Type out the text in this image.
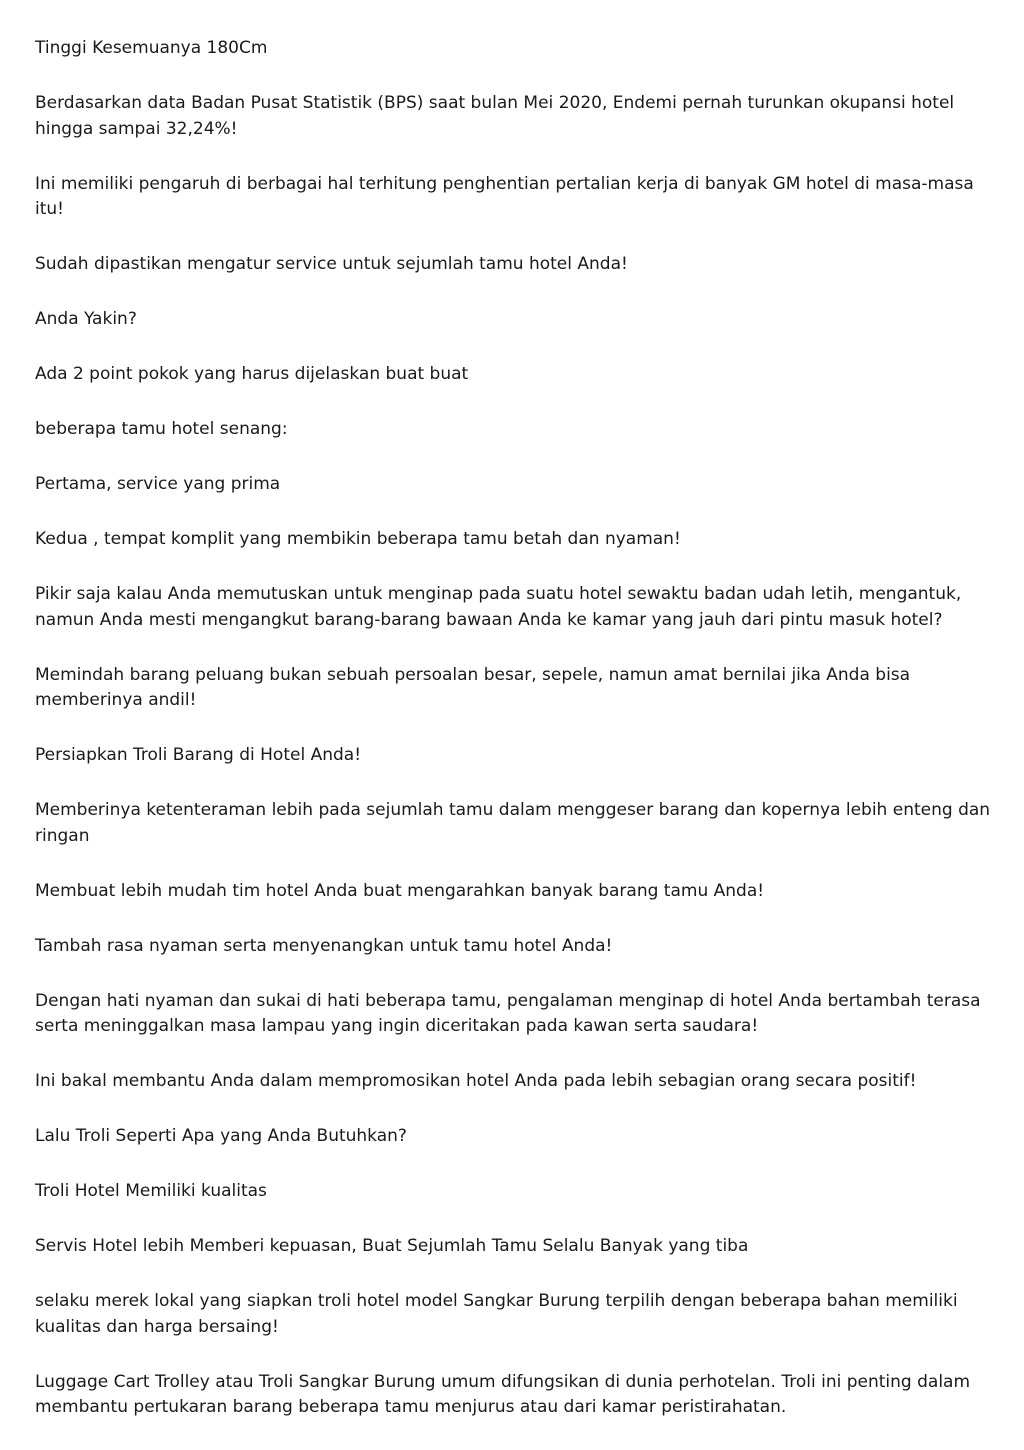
Tinggi Kesemuanya 180Cm

Berdasarkan data Badan Pusat Statistik (BPS) saat bulan Mei 2020, Endemi pernah turunkan okupansi hotel hingga sampai 32,24%!

Ini memiliki pengaruh di berbagai hal terhitung penghentian pertalian kerja di banyak GM hotel di masa-masa itu!

Sudah dipastikan mengatur service untuk sejumlah tamu hotel Anda!

Anda Yakin?

Ada 2 point pokok yang harus dijelaskan buat buat

beberapa tamu hotel senang:

Pertama, service yang prima

Kedua , tempat komplit yang membikin beberapa tamu betah dan nyaman!

Pikir saja kalau Anda memutuskan untuk menginap pada suatu hotel sewaktu badan udah letih, mengantuk, namun Anda mesti mengangkut barang-barang bawaan Anda ke kamar yang jauh dari pintu masuk hotel?

Memindah barang peluang bukan sebuah persoalan besar, sepele, namun amat bernilai jika Anda bisa memberinya andil!

Persiapkan Troli Barang di Hotel Anda!

Memberinya ketenteraman lebih pada sejumlah tamu dalam menggeser barang dan kopernya lebih enteng dan ringan

Membuat lebih mudah tim hotel Anda buat mengarahkan banyak barang tamu Anda!

Tambah rasa nyaman serta menyenangkan untuk tamu hotel Anda!

Dengan hati nyaman dan sukai di hati beberapa tamu, pengalaman menginap di hotel Anda bertambah terasa serta meninggalkan masa lampau yang ingin diceritakan pada kawan serta saudara!

Ini bakal membantu Anda dalam mempromosikan hotel Anda pada lebih sebagian orang secara positif!

Lalu Troli Seperti Apa yang Anda Butuhkan?

Troli Hotel Memiliki kualitas

Servis Hotel lebih Memberi kepuasan, Buat Sejumlah Tamu Selalu Banyak yang tiba

selaku merek lokal yang siapkan troli hotel model Sangkar Burung terpilih dengan beberapa bahan memiliki kualitas dan harga bersaing!

Luggage Cart Trolley atau Troli Sangkar Burung umum difungsikan di dunia perhotelan. Troli ini penting dalam membantu pertukaran barang beberapa tamu menjurus atau dari kamar peristirahatan.
